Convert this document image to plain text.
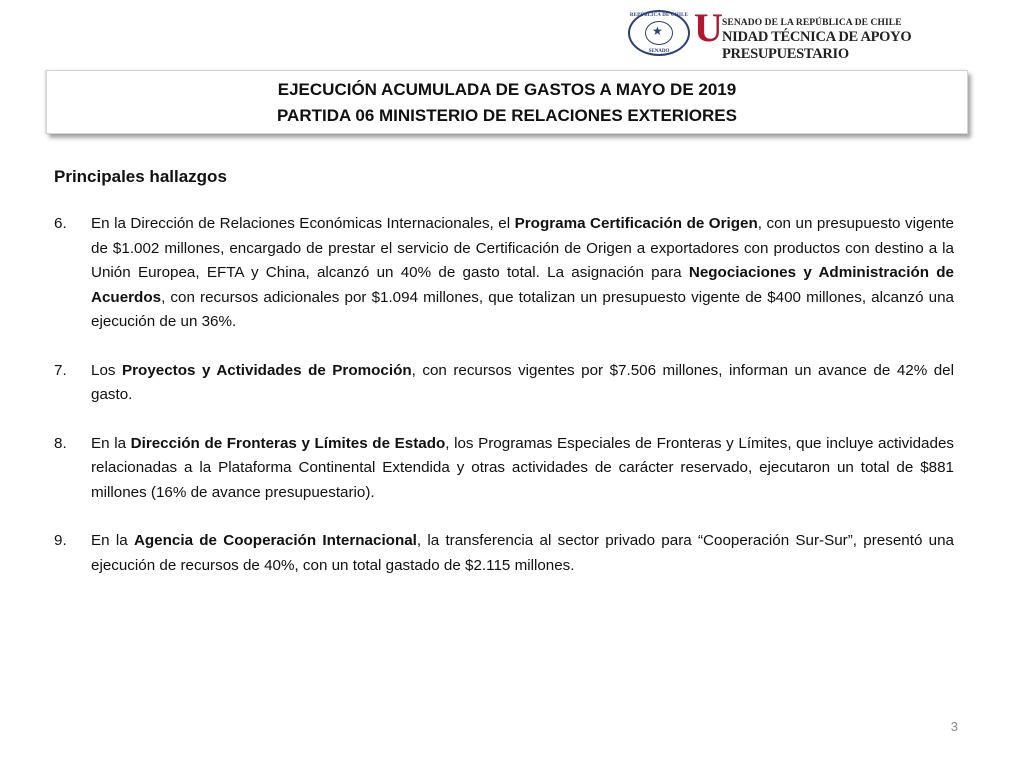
REPÚBLICA DE CHILE
★
SENADO
U SENADO DE LA REPÚBLICA DE CHILE
NIDAD TÉCNICA DE APOYO PRESUPUESTARIO
EJECUCIÓN ACUMULADA DE GASTOS A MAYO DE 2019
PARTIDA 06 MINISTERIO DE RELACIONES EXTERIORES
Principales hallazgos
6.	En la Dirección de Relaciones Económicas Internacionales, el Programa Certificación de Origen, con un presupuesto vigente de $1.002 millones, encargado de prestar el servicio de Certificación de Origen a exportadores con productos con destino a la Unión Europea, EFTA y China, alcanzó un 40% de gasto total. La asignación para Negociaciones y Administración de Acuerdos, con recursos adicionales por $1.094 millones, que totalizan un presupuesto vigente de $400 millones, alcanzó una ejecución de un 36%.
7.	Los Proyectos y Actividades de Promoción, con recursos vigentes por $7.506 millones, informan un avance de 42% del gasto.
8.	En la Dirección de Fronteras y Límites de Estado, los Programas Especiales de Fronteras y Límites, que incluye actividades relacionadas a la Plataforma Continental Extendida y otras actividades de carácter reservado, ejecutaron un total de $881 millones (16% de avance presupuestario).
9.	En la Agencia de Cooperación Internacional, la transferencia al sector privado para “Cooperación Sur-Sur”, presentó una ejecución de recursos de 40%, con un total gastado de $2.115 millones.
3
